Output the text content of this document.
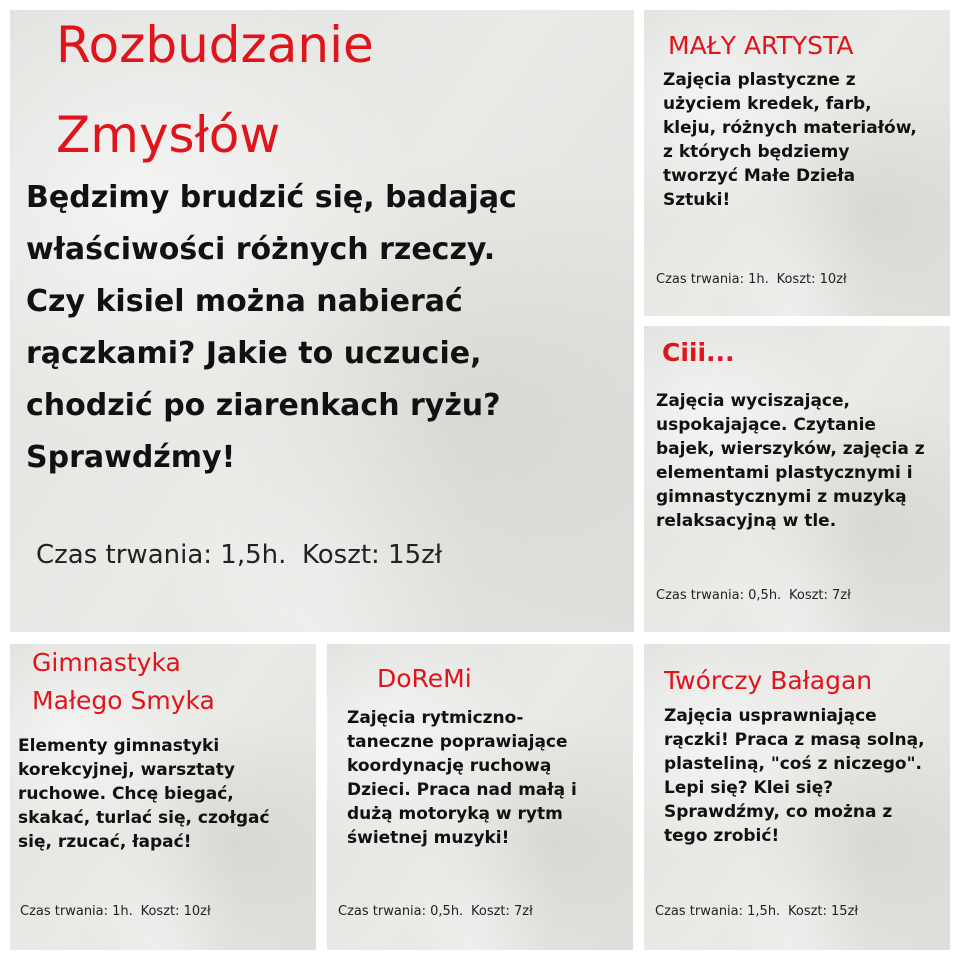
Rozbudzanie
Zmysłów
Będzimy brudzić się, badając
właściwości różnych rzeczy.
Czy kisiel można nabierać
rączkami? Jakie to uczucie,
chodzić po ziarenkach ryżu?
Sprawdźmy!
Czas trwania: 1,5h. Koszt: 15zł
MAŁY ARTYSTA
Zajęcia plastyczne z
użyciem kredek, farb,
kleju, różnych materiałów,
z których będziemy
tworzyć Małe Dzieła
Sztuki!
Czas trwania: 1h. Koszt: 10zł
Ciii...
Zajęcia wyciszające,
uspokajające. Czytanie
bajek, wierszyków, zajęcia z
elementami plastycznymi i
gimnastycznymi z muzyką
relaksacyjną w tle.
Czas trwania: 0,5h. Koszt: 7zł
Gimnastyka
Małego Smyka
Elementy gimnastyki
korekcyjnej, warsztaty
ruchowe. Chcę biegać,
skakać, turlać się, czołgać
się, rzucać, łapać!
Czas trwania: 1h. Koszt: 10zł
DoReMi
Zajęcia rytmiczno-
taneczne poprawiające
koordynację ruchową
Dzieci. Praca nad małą i
dużą motoryką w rytm
świetnej muzyki!
Czas trwania: 0,5h. Koszt: 7zł
Twórczy Bałagan
Zajęcia usprawniające
rączki! Praca z masą solną,
plasteliną, "coś z niczego".
Lepi się? Klei się?
Sprawdźmy, co można z
tego zrobić!
Czas trwania: 1,5h. Koszt: 15zł
